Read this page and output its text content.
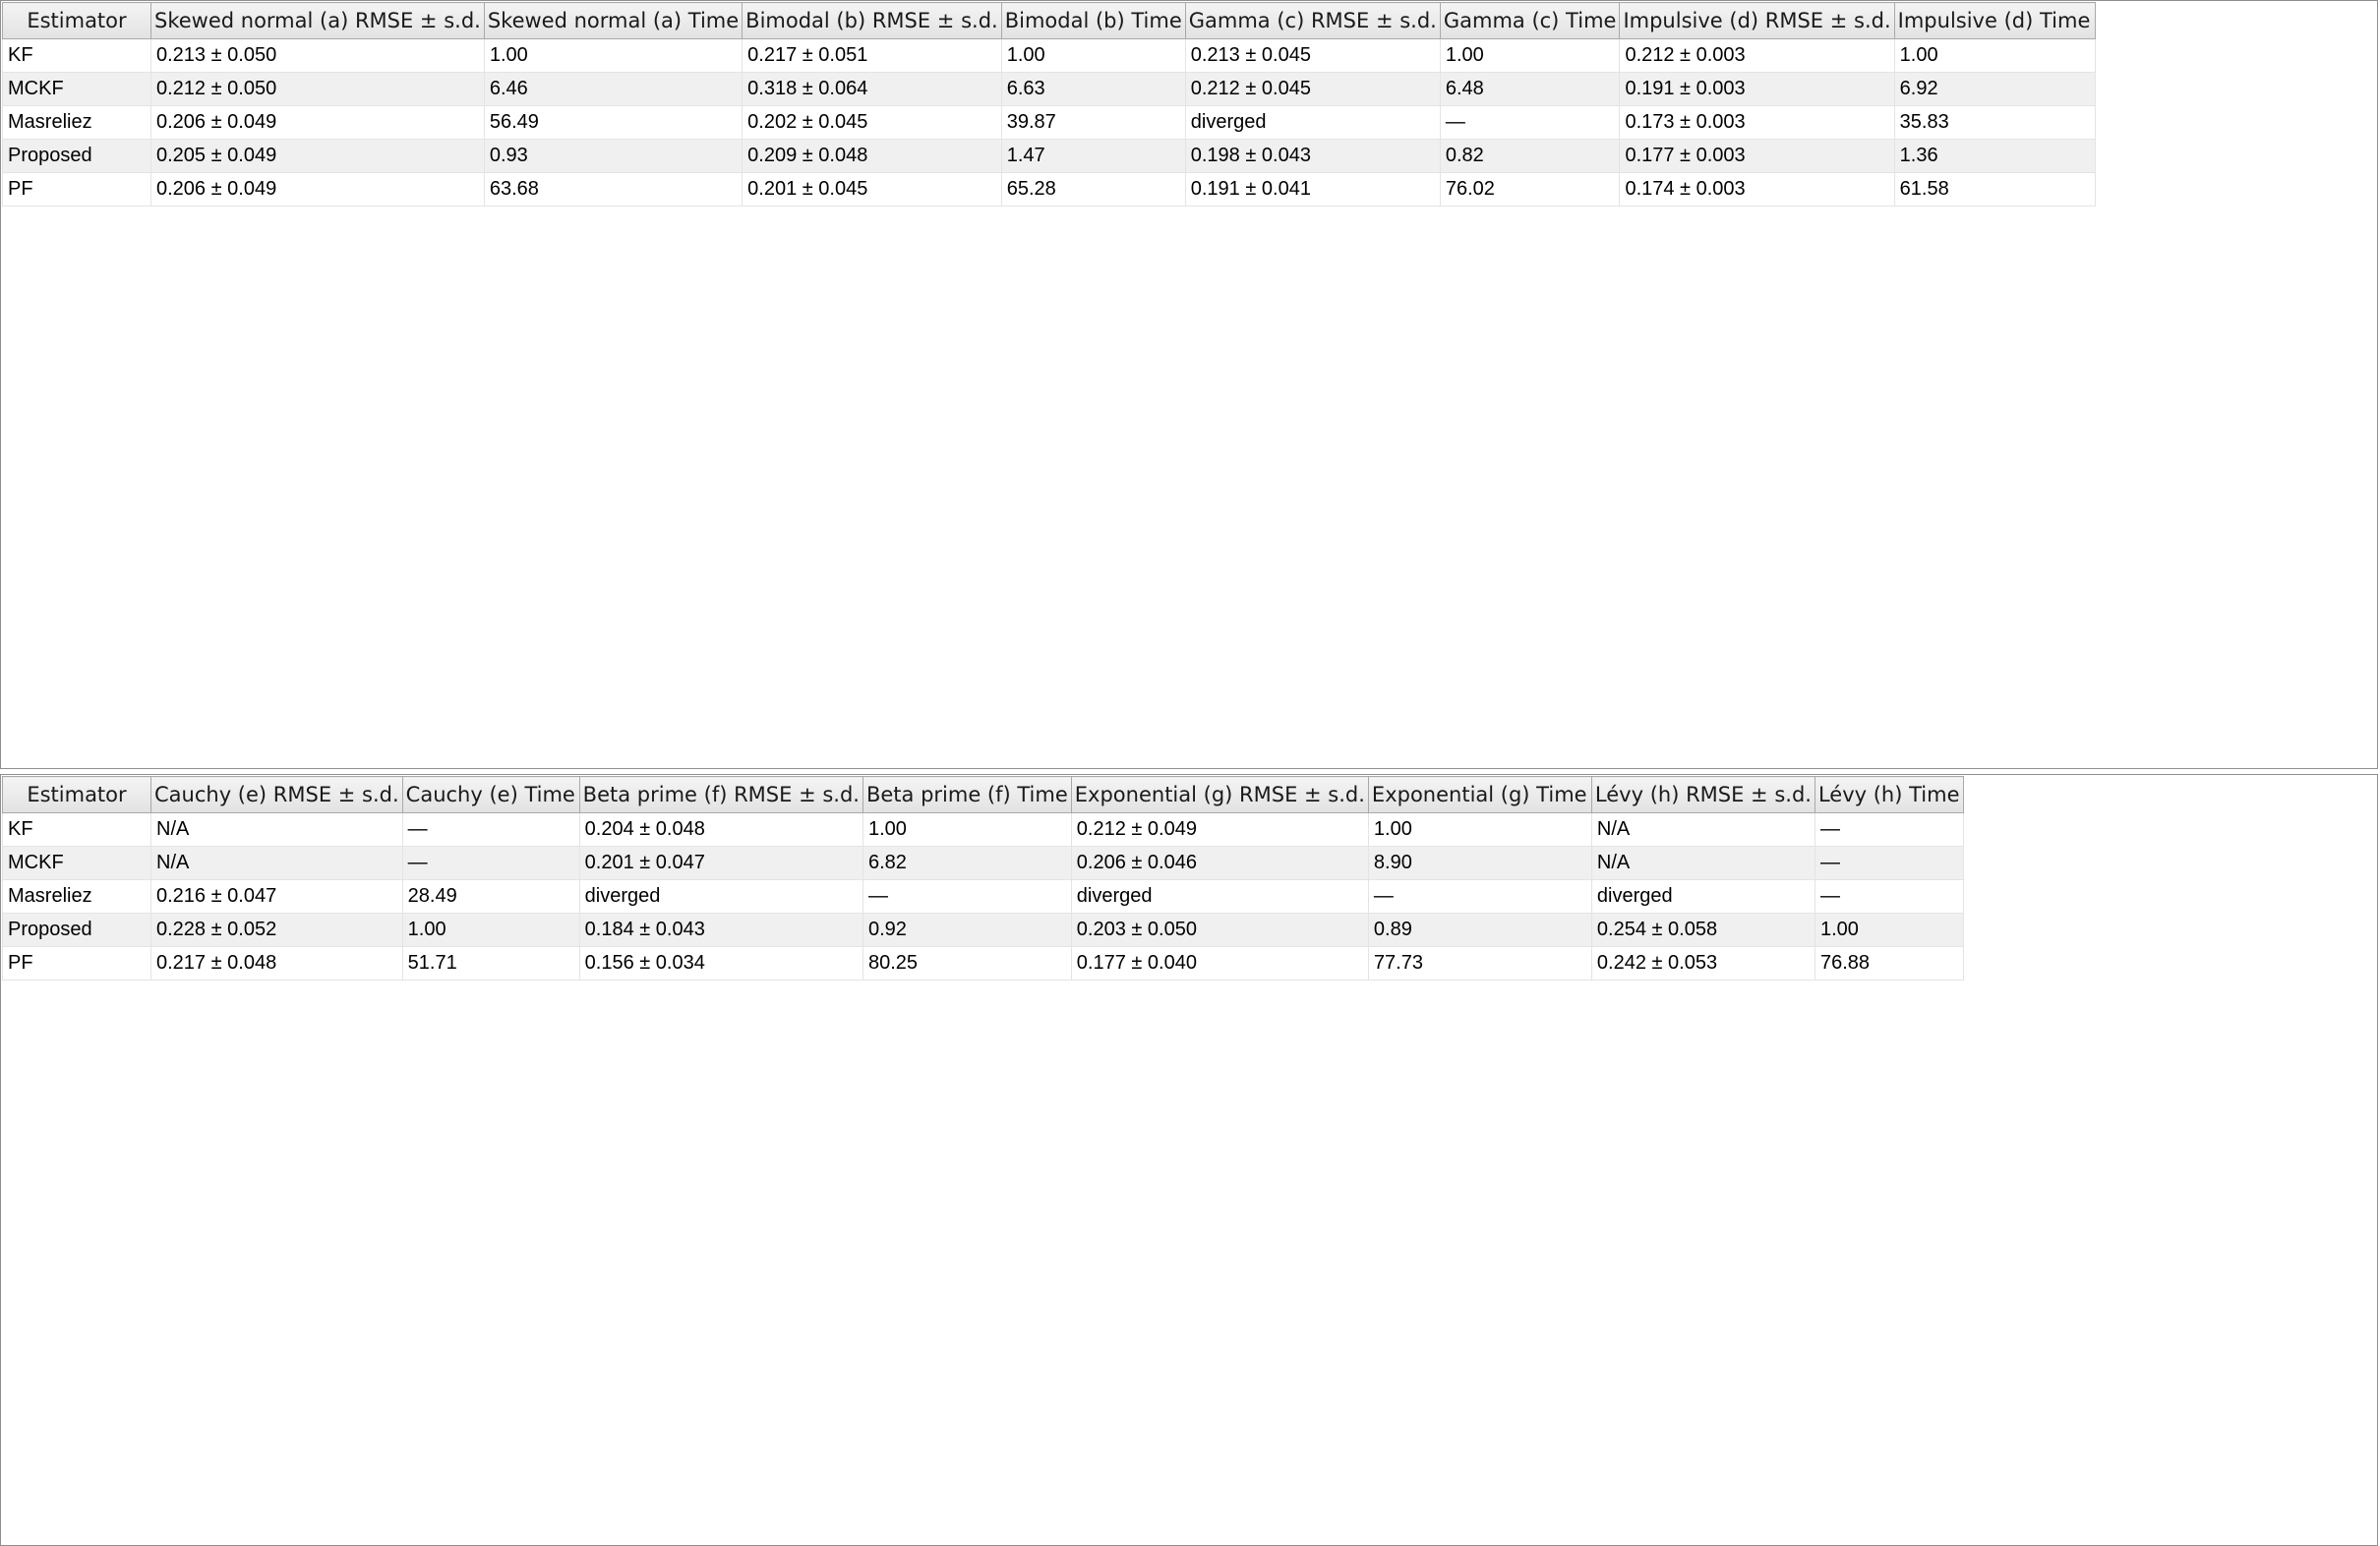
Estimator	Skewed normal (a) RMSE ± s.d.	Skewed normal (a) Time	Bimodal (b) RMSE ± s.d.	Bimodal (b) Time	Gamma (c) RMSE ± s.d.	Gamma (c) Time	Impulsive (d) RMSE ± s.d.	Impulsive (d) Time
KF	0.213 ± 0.050	1.00	0.217 ± 0.051	1.00	0.213 ± 0.045	1.00	0.212 ± 0.003	1.00
MCKF	0.212 ± 0.050	6.46	0.318 ± 0.064	6.63	0.212 ± 0.045	6.48	0.191 ± 0.003	6.92
Masreliez	0.206 ± 0.049	56.49	0.202 ± 0.045	39.87	diverged	—	0.173 ± 0.003	35.83
Proposed	0.205 ± 0.049	0.93	0.209 ± 0.048	1.47	0.198 ± 0.043	0.82	0.177 ± 0.003	1.36
PF	0.206 ± 0.049	63.68	0.201 ± 0.045	65.28	0.191 ± 0.041	76.02	0.174 ± 0.003	61.58
Estimator	Cauchy (e) RMSE ± s.d.	Cauchy (e) Time	Beta prime (f) RMSE ± s.d.	Beta prime (f) Time	Exponential (g) RMSE ± s.d.	Exponential (g) Time	Lévy (h) RMSE ± s.d.	Lévy (h) Time
KF	N/A	—	0.204 ± 0.048	1.00	0.212 ± 0.049	1.00	N/A	—
MCKF	N/A	—	0.201 ± 0.047	6.82	0.206 ± 0.046	8.90	N/A	—
Masreliez	0.216 ± 0.047	28.49	diverged	—	diverged	—	diverged	—
Proposed	0.228 ± 0.052	1.00	0.184 ± 0.043	0.92	0.203 ± 0.050	0.89	0.254 ± 0.058	1.00
PF	0.217 ± 0.048	51.71	0.156 ± 0.034	80.25	0.177 ± 0.040	77.73	0.242 ± 0.053	76.88
